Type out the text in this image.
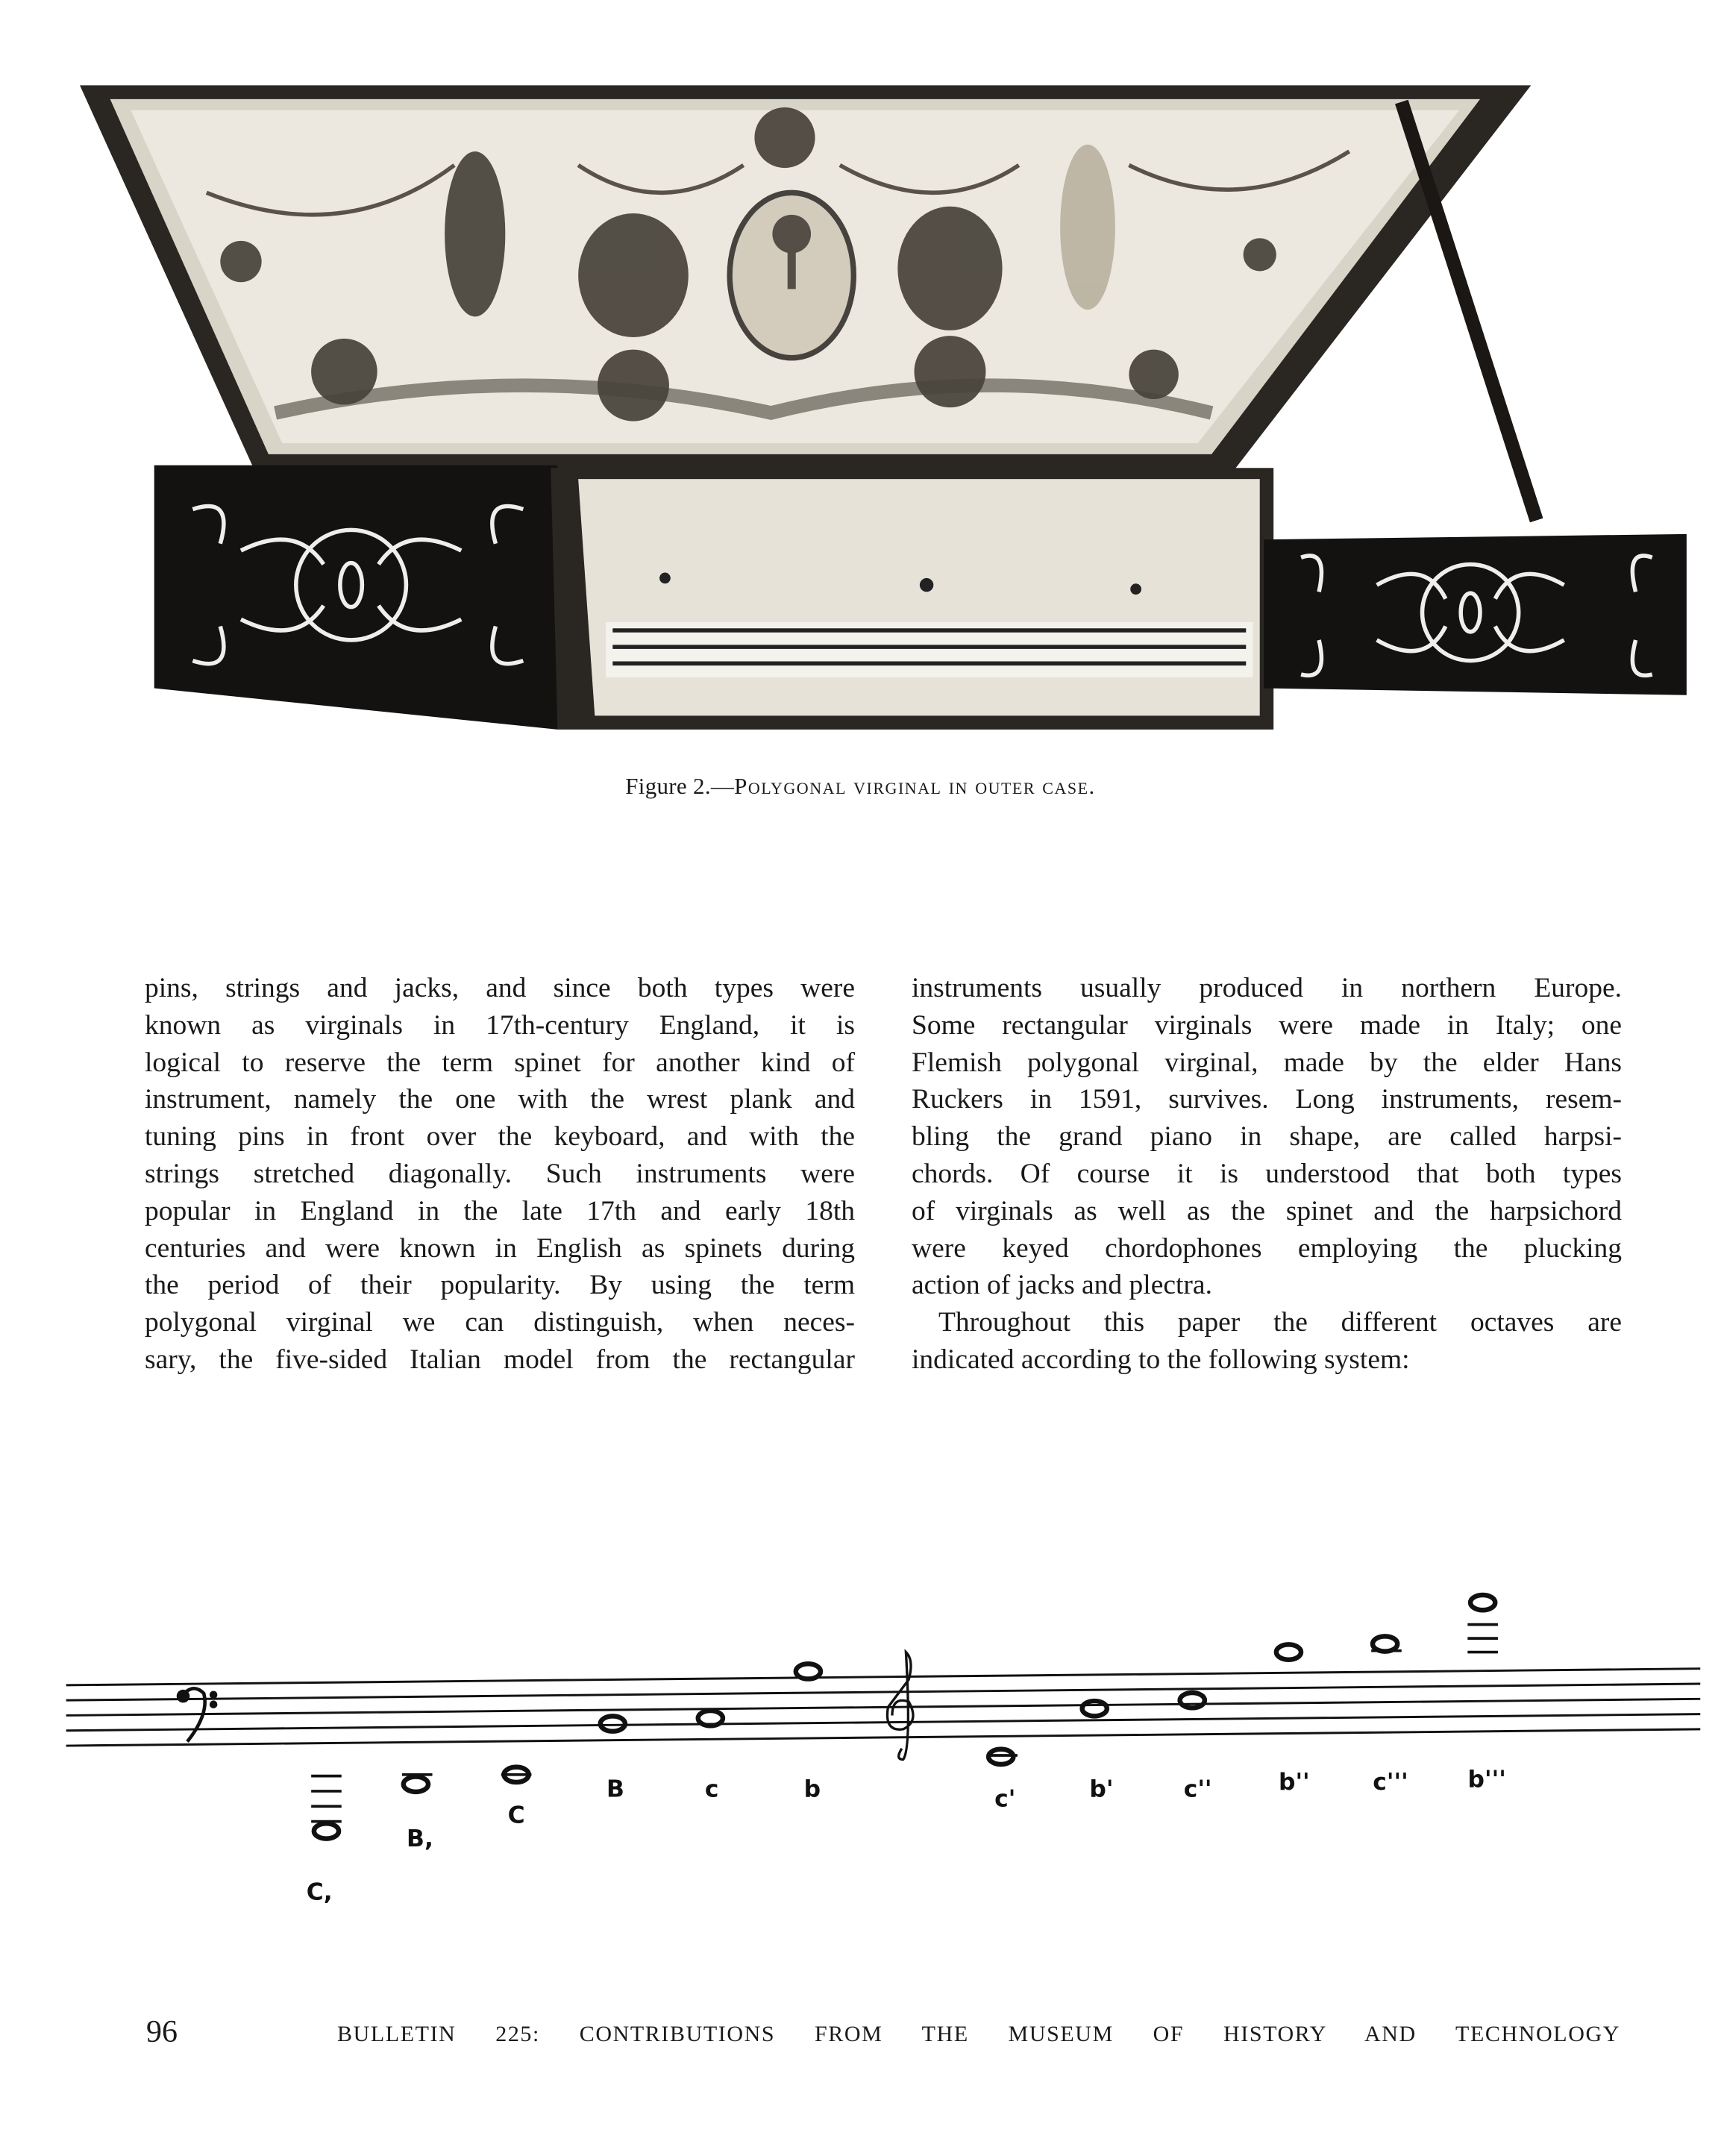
Figure 2.—Polygonal virginal in outer case.
pins, strings and jacks, and since both types were
known as virginals in 17th-century England, it is
logical to reserve the term spinet for another kind of
instrument, namely the one with the wrest plank and
tuning pins in front over the keyboard, and with the
strings stretched diagonally. Such instruments were
popular in England in the late 17th and early 18th
centuries and were known in English as spinets during
the period of their popularity. By using the term
polygonal virginal we can distinguish, when neces-
sary, the five-sided Italian model from the rectangular
instruments usually produced in northern Europe.
Some rectangular virginals were made in Italy; one
Flemish polygonal virginal, made by the elder Hans
Ruckers in 1591, survives. Long instruments, resem-
bling the grand piano in shape, are called harpsi-
chords. Of course it is understood that both types
of virginals as well as the spinet and the harpsichord
were keyed chordophones employing the plucking
action of jacks and plectra.
Throughout this paper the different octaves are
indicated according to the following system:
C,
B,
C
B	c	b	c'	b'	c''	b''	c'''	b'''
96	BULLETIN 225: CONTRIBUTIONS FROM THE MUSEUM OF HISTORY AND TECHNOLOGY
